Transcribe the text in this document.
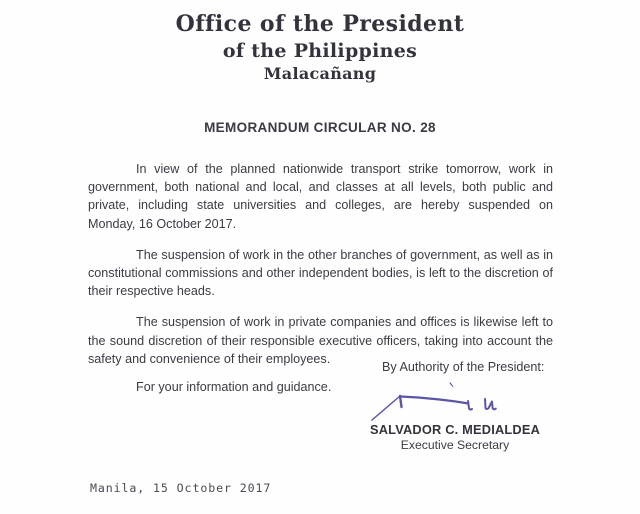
Office of the President
of the Philippines
Malacañang
MEMORANDUM CIRCULAR NO. 28

In view of the planned nationwide transport strike tomorrow, work in government, both national and local, and classes at all levels, both public and private, including state universities and colleges, are hereby suspended on Monday, 16 October 2017.

The suspension of work in the other branches of government, as well as in constitutional commissions and other independent bodies, is left to the discretion of their respective heads.

The suspension of work in private companies and offices is likewise left to the sound discretion of their responsible executive officers, taking into account the safety and convenience of their employees.

For your information and guidance.

By Authority of the President:
SALVADOR C. MEDIALDEA
Executive Secretary
Manila, 15 October 2017
